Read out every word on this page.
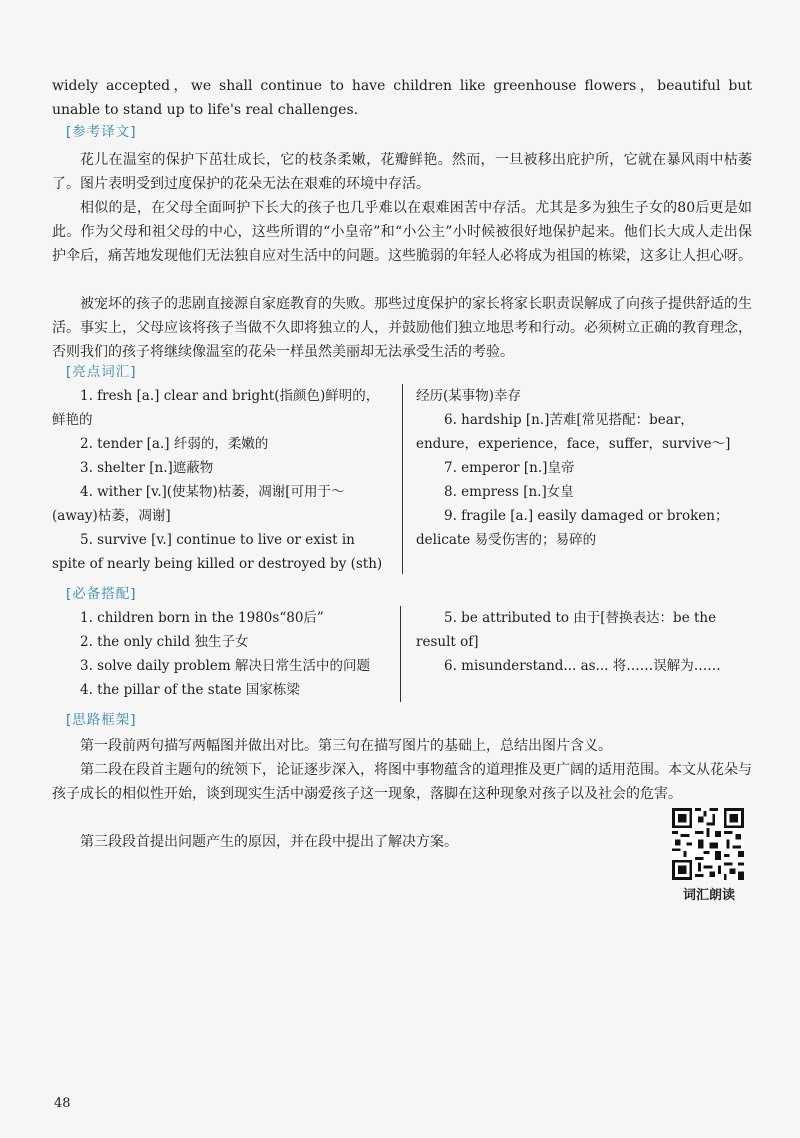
widely accepted，we shall continue to have children like greenhouse flowers，beautiful but unable to stand up to life's real challenges.

[参考译文]

花儿在温室的保护下茁壮成长，它的枝条柔嫩，花瓣鲜艳。然而，一旦被移出庇护所，它就在暴风雨中枯萎了。图片表明受到过度保护的花朵无法在艰难的环境中存活。

相似的是，在父母全面呵护下长大的孩子也几乎难以在艰难困苦中存活。尤其是多为独生子女的80后更是如此。作为父母和祖父母的中心，这些所谓的“小皇帝”和“小公主”小时候被很好地保护起来。他们长大成人走出保护伞后，痛苦地发现他们无法独自应对生活中的问题。这些脆弱的年轻人必将成为祖国的栋梁，这多让人担心呀。

被宠坏的孩子的悲剧直接源自家庭教育的失败。那些过度保护的家长将家长职责误解成了向孩子提供舒适的生活。事实上，父母应该将孩子当做不久即将独立的人，并鼓励他们独立地思考和行动。必须树立正确的教育理念，否则我们的孩子将继续像温室的花朵一样虽然美丽却无法承受生活的考验。

[亮点词汇]

1. fresh [a.] clear and bright(指颜色)鲜明的，鲜艳的

2. tender [a.] 纤弱的，柔嫩的

3. shelter [n.]遮蔽物

4. wither [v.](使某物)枯萎，凋谢[可用于～(away)枯萎，凋谢]

5. survive [v.] continue to live or exist in spite of nearly being killed or destroyed by (sth)

经历(某事物)幸存

6. hardship [n.]苦难[常见搭配：bear，endure，experience，face，suffer，survive～]

7. emperor [n.]皇帝

8. empress [n.]女皇

9. fragile [a.] easily damaged or broken；delicate 易受伤害的；易碎的

[必备搭配]

1. children born in the 1980s“80后”

2. the only child 独生子女

3. solve daily problem 解决日常生活中的问题

4. the pillar of the state 国家栋梁

5. be attributed to 由于[替换表达：be the result of]

6. misunderstand... as... 将……误解为……

[思路框架]

第一段前两句描写两幅图并做出对比。第三句在描写图片的基础上，总结出图片含义。

第二段在段首主题句的统领下，论证逐步深入，将图中事物蕴含的道理推及更广阔的适用范围。本文从花朵与孩子成长的相似性开始，谈到现实生活中溺爱孩子这一现象，落脚在这种现象对孩子以及社会的危害。

第三段段首提出问题产生的原因，并在段中提出了解决方案。

词汇朗读
48
